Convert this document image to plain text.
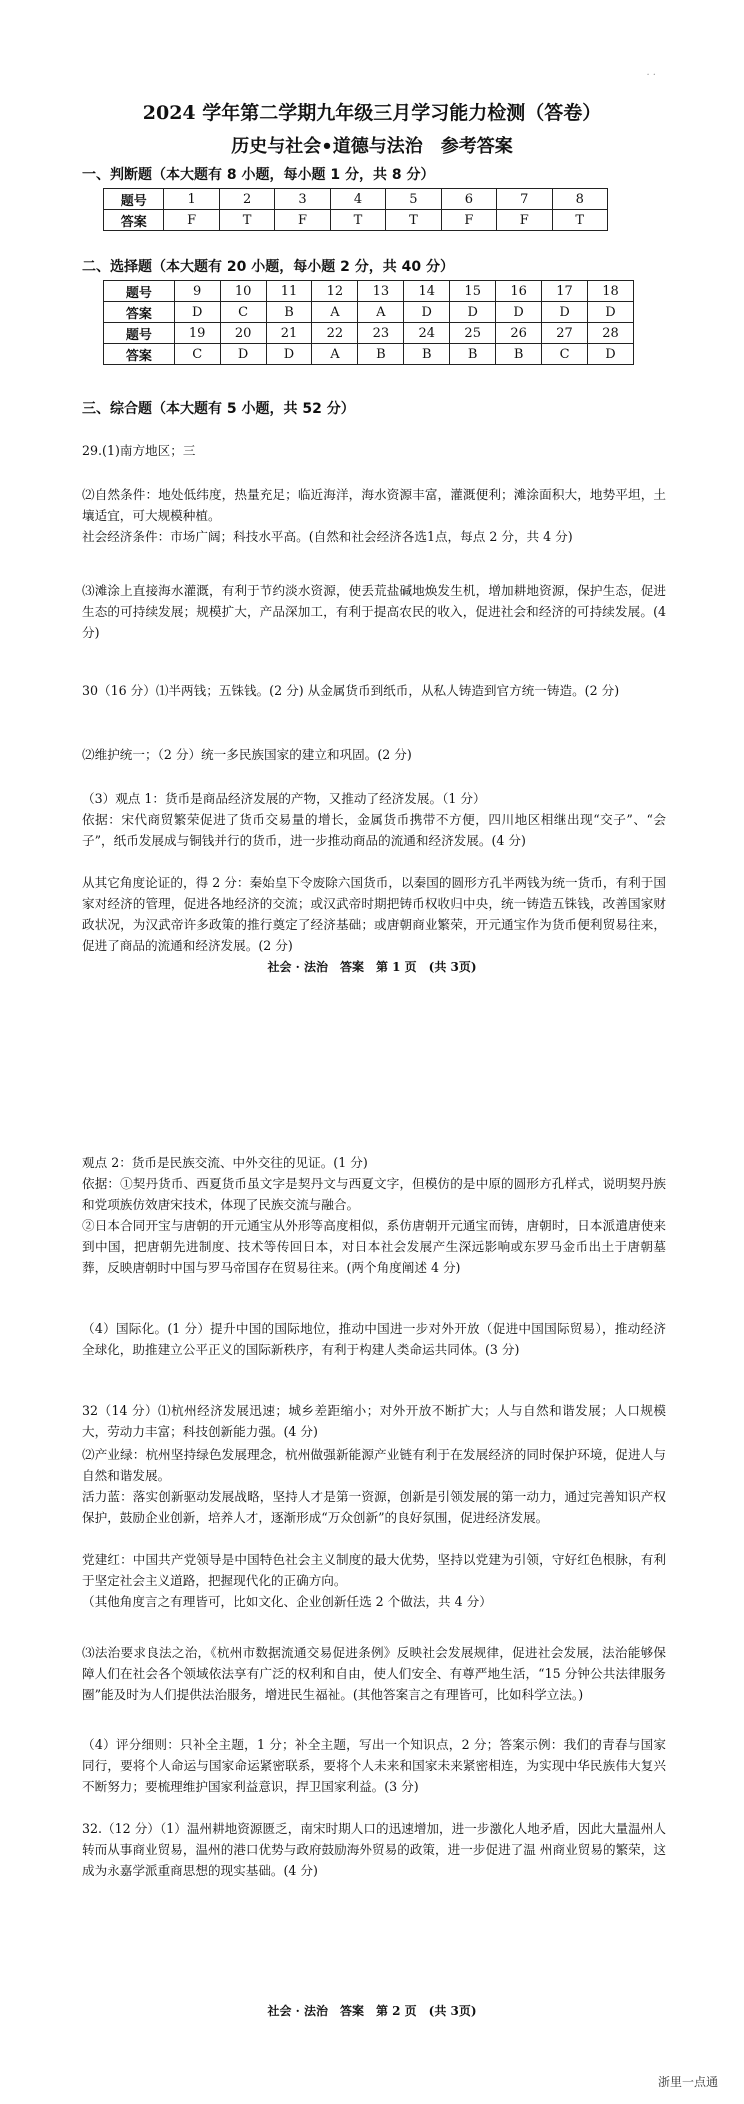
· ·
2024 学年第二学期九年级三月学习能力检测（答卷）
历史与社会•道德与法治　参考答案
一、判断题（本大题有 8 小题，每小题 1 分，共 8 分）
题号	1	2	3	4	5	6	7	8
答案	F	T	F	T	T	F	F	T
二、选择题（本大题有 20 小题，每小题 2 分，共 40 分）
题号	9	10	11	12	13	14	15	16	17	18
答案	D	C	B	A	A	D	D	D	D	D
题号	19	20	21	22	23	24	25	26	27	28
答案	C	D	D	A	B	B	B	B	C	D
三、综合题（本大题有 5 小题，共 52 分）
29.(1)南方地区；三
⑵自然条件：地处低纬度，热量充足；临近海洋，海水资源丰富，灌溉便利；滩涂面积大，地势平坦，土壤适宜，可大规模种植。
社会经济条件：市场广阔；科技水平高。(自然和社会经济各选1点，每点 2 分，共 4 分)
⑶滩涂上直接海水灌溉，有利于节约淡水资源，使丢荒盐碱地焕发生机，增加耕地资源，保护生态，促进生态的可持续发展；规模扩大，产品深加工，有利于提高农民的收入，促进社会和经济的可持续发展。(4 分)
30（16 分）⑴半两钱；五铢钱。(2 分) 从金属货币到纸币，从私人铸造到官方统一铸造。(2 分)
⑵维护统一；（2 分）统一多民族国家的建立和巩固。(2 分)
（3）观点 1：货币是商品经济发展的产物，又推动了经济发展。（1 分）
依据：宋代商贸繁荣促进了货币交易量的增长，金属货币携带不方便，四川地区相继出现“交子”、“会子”，纸币发展成与铜钱并行的货币，进一步推动商品的流通和经济发展。(4 分)
从其它角度论证的，得 2 分：秦始皇下令废除六国货币，以秦国的圆形方孔半两钱为统一货币，有利于国家对经济的管理，促进各地经济的交流；或汉武帝时期把铸币权收归中央，统一铸造五铢钱，改善国家财政状况，为汉武帝许多政策的推行奠定了经济基础；或唐朝商业繁荣，开元通宝作为货币便利贸易往来，促进了商品的流通和经济发展。(2 分)
社会 · 法治　答案　第 1 页　(共 3页)
观点 2：货币是民族交流、中外交往的见证。(1 分)
依据：①契丹货币、西夏货币虽文字是契丹文与西夏文字，但模仿的是中原的圆形方孔样式，说明契丹族和党项族仿效唐宋技术，体现了民族交流与融合。
②日本合同开宝与唐朝的开元通宝从外形等高度相似，系仿唐朝开元通宝而铸，唐朝时，日本派遣唐使来到中国，把唐朝先进制度、技术等传回日本，对日本社会发展产生深远影响或东罗马金币出土于唐朝墓葬，反映唐朝时中国与罗马帝国存在贸易往来。(两个角度阐述 4 分)
（4）国际化。(1 分）提升中国的国际地位，推动中国进一步对外开放（促进中国国际贸易），推动经济全球化，助推建立公平正义的国际新秩序，有利于构建人类命运共同体。(3 分)
32（14 分）⑴杭州经济发展迅速；城乡差距缩小；对外开放不断扩大；人与自然和谐发展；人口规模大，劳动力丰富；科技创新能力强。(4 分)
⑵产业绿：杭州坚持绿色发展理念，杭州做强新能源产业链有利于在发展经济的同时保护环境，促进人与自然和谐发展。
活力蓝：落实创新驱动发展战略，坚持人才是第一资源，创新是引领发展的第一动力，通过完善知识产权保护，鼓励企业创新，培养人才，逐渐形成“万众创新”的良好氛围，促进经济发展。
党建红：中国共产党领导是中国特色社会主义制度的最大优势，坚持以党建为引领，守好红色根脉，有利于坚定社会主义道路，把握现代化的正确方向。
（其他角度言之有理皆可，比如文化、企业创新任选 2 个做法，共 4 分）
⑶法治要求良法之治，《杭州市数据流通交易促进条例》反映社会发展规律，促进社会发展，法治能够保障人们在社会各个领域依法享有广泛的权利和自由，使人们安全、有尊严地生活，“15 分钟公共法律服务圈”能及时为人们提供法治服务，增进民生福祉。(其他答案言之有理皆可，比如科学立法。)
（4）评分细则：只补全主题，1 分；补全主题，写出一个知识点，2 分；答案示例：我们的青春与国家同行，要将个人命运与国家命运紧密联系，要将个人未来和国家未来紧密相连，为实现中华民族伟大复兴不断努力；要梳理维护国家利益意识，捍卫国家利益。(3 分)
32.（12 分）（1）温州耕地资源匮乏，南宋时期人口的迅速增加，进一步激化人地矛盾，因此大量温州人转而从事商业贸易，温州的港口优势与政府鼓励海外贸易的政策，进一步促进了温 州商业贸易的繁荣，这成为永嘉学派重商思想的现实基础。(4 分)
社会 · 法治　答案　第 2 页　(共 3页)
浙里一点通
